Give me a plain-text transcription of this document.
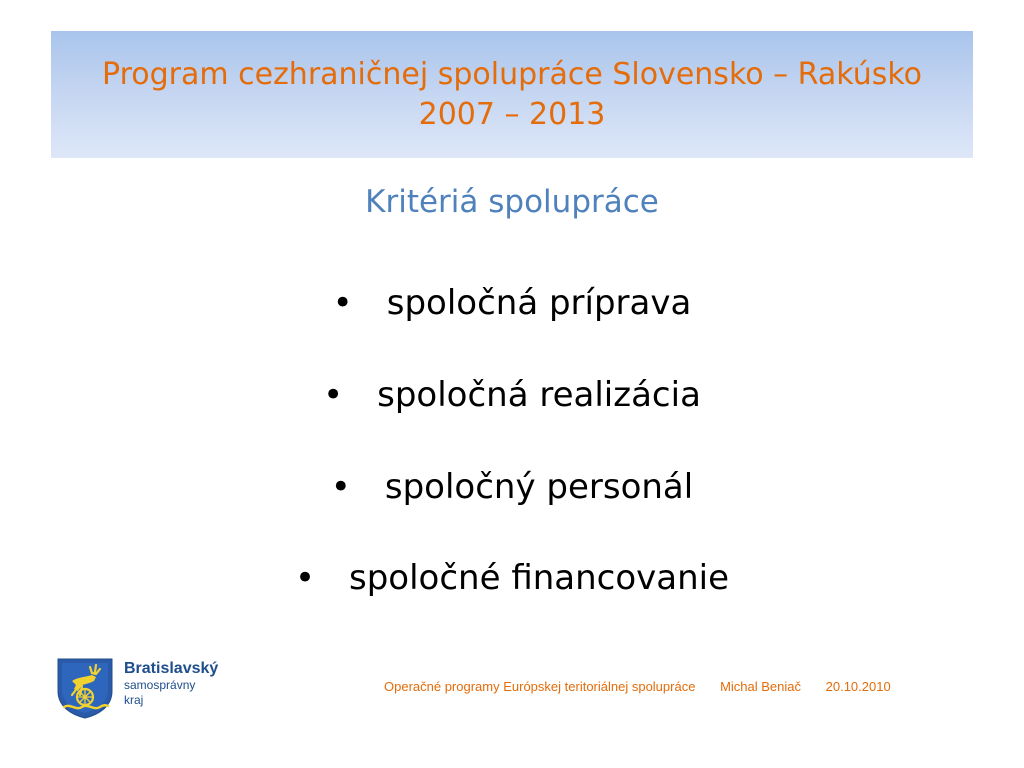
Program cezhraničnej spolupráce Slovensko – Rakúsko
2007 – 2013
Kritériá spolupráce
• spoločná príprava
• spoločná realizácia
• spoločný personál
• spoločné financovanie
Bratislavský
samosprávny
kraj
Operačné programy Európskej teritoriálnej spolupráce Michal Beniač 20.10.2010
